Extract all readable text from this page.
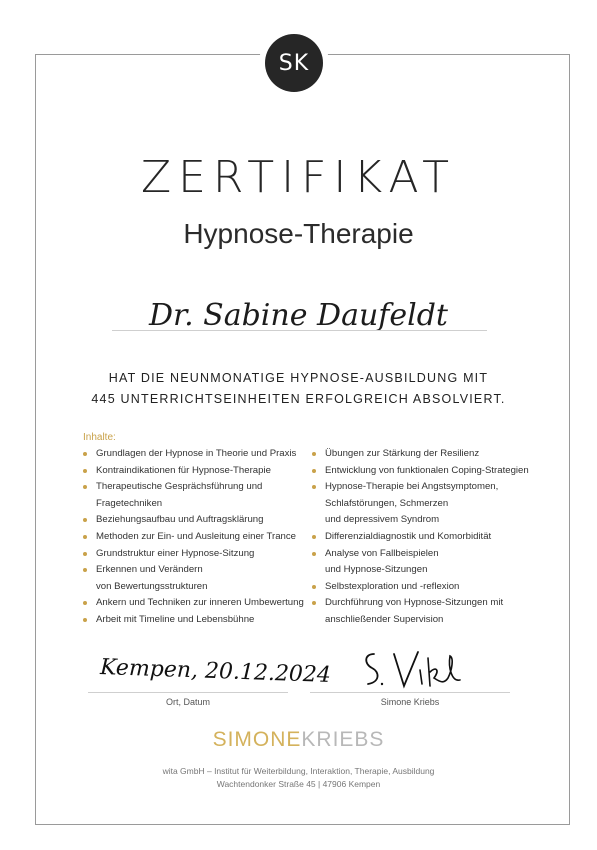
SK
ZERTIFIKAT
Hypnose-Therapie
Dr. Sabine Daufeldt
HAT DIE NEUNMONATIGE HYPNOSE-AUSBILDUNG MIT
445 UNTERRICHTSEINHEITEN ERFOLGREICH ABSOLVIERT.
Inhalte:
Grundlagen der Hypnose in Theorie und Praxis
Kontraindikationen für Hypnose-Therapie
Therapeutische Gesprächsführung und
Fragetechniken
Beziehungsaufbau und Auftragsklärung
Methoden zur Ein- und Ausleitung einer Trance
Grundstruktur einer Hypnose-Sitzung
Erkennen und Verändern
von Bewertungsstrukturen
Ankern und Techniken zur inneren Umbewertung
Arbeit mit Timeline und Lebensbühne
Übungen zur Stärkung der Resilienz
Entwicklung von funktionalen Coping-Strategien
Hypnose-Therapie bei Angstsymptomen,
Schlafstörungen, Schmerzen
und depressivem Syndrom
Differenzialdiagnostik und Komorbidität
Analyse von Fallbeispielen
und Hypnose-Sitzungen
Selbstexploration und -reflexion
Durchführung von Hypnose-Sitzungen mit
anschließender Supervision
Kempen, 20.12.2024
Ort, Datum	Simone Kriebs
SIMONEKRIEBS
wita GmbH – Institut für Weiterbildung, Interaktion, Therapie, Ausbildung
Wachtendonker Straße 45 | 47906 Kempen
